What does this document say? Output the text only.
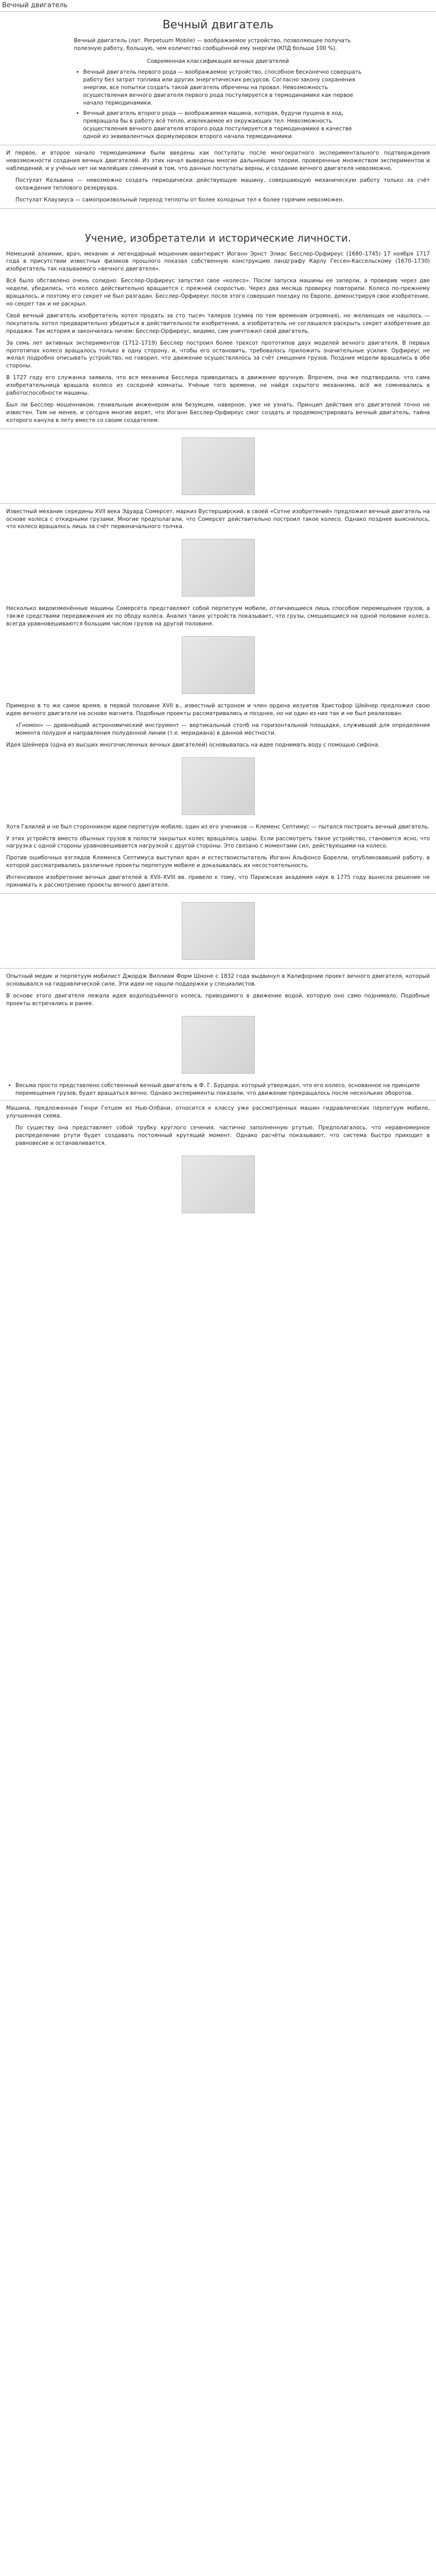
Вечный двигатель
Вечный двигатель

Вечный двигатель (лат. Perpetuum Mobile) — воображаемое устройство, позволяющее получать полезную работу, большую, чем количество сообщённой ему энергии (КПД больше 100 %).

Современная классификация вечных двигателей
• Вечный двигатель первого рода — воображаемое устройство, способное бесконечно совершать работу без затрат топлива или других энергетических ресурсов. Согласно закону сохранения энергии, все попытки создать такой двигатель обречены на провал. Невозможность осуществления вечного двигателя первого рода постулируется в термодинамике как первое начало термодинамики.
• Вечный двигатель второго рода — воображаемая машина, которая, будучи пущена в ход, превращала бы в работу всё тепло, извлекаемое из окружающих тел. Невозможность осуществления вечного двигателя второго рода постулируется в термодинамике в качестве одной из эквивалентных формулировок второго начала термодинамики.

И первое, и второе начало термодинамики были введены как постулаты после многократного экспериментального подтверждения невозможности создания вечных двигателей. Из этих начал выведены многие дальнейшие теории, проверенные множеством экспериментов и наблюдений, и у учёных нет ни малейших сомнений в том, что данные постулаты верны, и создание вечного двигателя невозможно.

Постулат Кельвина — невозможно создать периодически действующую машину, совершающую механическую работу только за счёт охлаждения теплового резервуара.

Постулат Клаузиуса — самопроизвольный переход теплоты от более холодных тел к более горячим невозможен.

Учение, изобретатели и исторические личности.

Немецкий алхимик, врач, механик и легендарный мошенник-авантюрист Иоганн Эрнст Элиас Бесслер-Орфиреус (1680–1745) 17 ноября 1717 года в присутствии известных физиков прошлого показал собственную конструкцию ландграфу Карлу Гессен-Кассельскому (1670–1730) изобретатель так называемого «вечного двигателя».

Всё было обставлено очень солидно: Бесслер-Орфиреус запустил свое «колесо». После запуска машины ее заперли, а проверив через две недели, убедились, что колесо действительно вращается с прежней скоростью. Через два месяца проверку повторили. Колесо по-прежнему вращалось, и поэтому его секрет не был разгадан. Бесслер-Орфиреус после этого совершил поездку по Европе, демонстрируя свое изобретение, но секрет так и не раскрыл.

Свой вечный двигатель изобретатель хотел продать за сто тысяч талеров (сумма по тем временам огромная), но желающих не нашлось — покупатель хотел предварительно убедиться в действительности изобретения, а изобретатель не соглашался раскрыть секрет изобретения до продажи. Так история и закончилась ничем: Бесслер-Орфиреус, видимо, сам уничтожил свой двигатель.

За семь лет активных экспериментов (1712–1719) Бесслер построил более трехсот прототипов двух моделей вечного двигателя. В первых прототипах колесо вращалось только в одну сторону, и, чтобы его остановить, требовалось приложить значительные усилия. Орфиреус не желал подробно описывать устройство, но говорил, что движение осуществлялось за счёт смещения грузов. Поздние модели вращались в обе стороны.

В 1727 году его служанка заявила, что вся механика Бесслера приводилась в движение вручную. Впрочем, она же подтвердила, что сама изобретательница вращала колесо из соседней комнаты. Учёные того времени, не найдя скрытого механизма, всё же сомневались в работоспособности машины.

Был ли Бесслер мошенником, гениальным инженером или безумцем, наверное, уже не узнать. Принцип действия его двигателей точно не известен. Тем не менее, и сегодня многие верят, что Иоганн Бесслер-Орфиреус смог создать и продемонстрировать вечный двигатель, тайна которого канула в лету вместе со своим создателем.

Известный механик середины XVII века Эдуард Сомерсет, маркиз Вустерширский, в своей «Сотне изобретений» предложил вечный двигатель на основе колеса с откидными грузами. Многие предполагали, что Сомерсет действительно построил такое колесо. Однако позднее выяснилось, что колесо вращалось лишь за счёт первоначального толчка.

Несколько видоизменённые машины Сомерсета представляют собой перпетуум мобиле, отличающиеся лишь способом перемещения грузов, а также средствами передвижения их по ободу колеса. Анализ таких устройств показывает, что грузы, смещающиеся на одной половине колеса, всегда уравновешиваются большим числом грузов на другой половине.

Примерно в то же самое время, в первой половине XVII в., известный астроном и член ордена иезуитов Христофор Шейнер предложил свою идею вечного двигателя на основе магнита. Подобные проекты рассматривались и позднее, но ни один из них так и не был реализован.

«Гномон» — древнейший астрономический инструмент — вертикальный столб на горизонтальной площадке, служивший для определения момента полудня и направления полуденной линии (т.е. меридиана) в данной местности.

Идея Шейнера (одна из высших многочисленных вечных двигателей) основывалась на идее поднимать воду с помощью сифона.

Хотя Галилей и не был сторонником идеи перпетуум мобиле, один из его учеников — Клеменс Септимус — пытался построить вечный двигатель.

У этих устройств вместо обычных грузов в полости закрытых колес вращались шары. Если рассмотреть такое устройство, становится ясно, что нагрузка с одной стороны уравновешивается нагрузкой с другой стороны. Это связано с моментами сил, действующими на колесо.

Против ошибочных взглядов Клеменса Септимуса выступил врач и естествоиспытатель Иоганн Альфонсо Борелли, опубликовавший работу, в которой рассматривались различные проекты перпетуум мобиле и доказывалась их несостоятельность.

Интенсивное изобретение вечных двигателей в XVII–XVIII вв. привело к тому, что Парижская академия наук в 1775 году вынесла решение не принимать к рассмотрению проекты вечного двигателя.

Опытный медик и перпетуум мобилист Джордж Виллиам Форм Шноне с 1832 года выдвинул в Калифорнии проект вечного двигателя, который основывался на гидравлической силе. Эти идеи не нашли поддержки у специалистов.

В основе этого двигателя лежала идея водоподъёмного колеса, приводимого в движение водой, которую оно само поднимало. Подобные проекты встречались и ранее.

• Весьма просто представлено собственный вечный двигатель в Ф. Г. Бурдера, который утверждал, что его колесо, основанное на принципе перемещения грузов, будет вращаться вечно. Однако эксперименты показали, что движение прекращалось после нескольких оборотов.

Машина, предложенная Генри Гетцем из Нью-Олбани, относится к классу уже рассмотренных машин гидравлических перпетуум мобиле, улучшенная схема.

По существу она представляет собой трубку круглого сечения, частично заполненную ртутью. Предполагалось, что неравномерное распределение ртути будет создавать постоянный крутящий момент. Однако расчёты показывают, что система быстро приходит в равновесие и останавливается.
